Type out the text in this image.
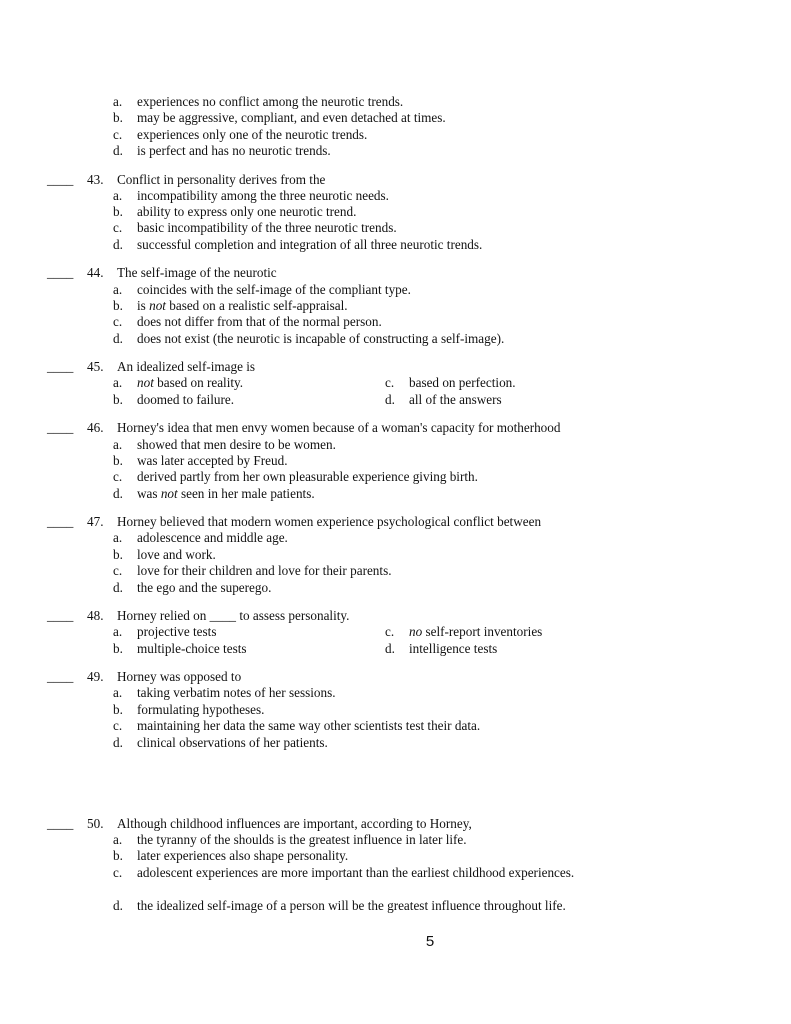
a. experiences no conflict among the neurotic trends.
b. may be aggressive, compliant, and even detached at times.
c. experiences only one of the neurotic trends.
d. is perfect and has no neurotic trends.
____ 43. Conflict in personality derives from the
a. incompatibility among the three neurotic needs.
b. ability to express only one neurotic trend.
c. basic incompatibility of the three neurotic trends.
d. successful completion and integration of all three neurotic trends.
____ 44. The self-image of the neurotic
a. coincides with the self-image of the compliant type.
b. is not based on a realistic self-appraisal.
c. does not differ from that of the normal person.
d. does not exist (the neurotic is incapable of constructing a self-image).
____ 45. An idealized self-image is
a. not based on reality.	c. based on perfection.
b. doomed to failure.	d. all of the answers
____ 46. Horney's idea that men envy women because of a woman's capacity for motherhood
a. showed that men desire to be women.
b. was later accepted by Freud.
c. derived partly from her own pleasurable experience giving birth.
d. was not seen in her male patients.
____ 47. Horney believed that modern women experience psychological conflict between
a. adolescence and middle age.
b. love and work.
c. love for their children and love for their parents.
d. the ego and the superego.
____ 48. Horney relied on ____ to assess personality.
a. projective tests	c. no self-report inventories
b. multiple-choice tests	d. intelligence tests
____ 49. Horney was opposed to
a. taking verbatim notes of her sessions.
b. formulating hypotheses.
c. maintaining her data the same way other scientists test their data.
d. clinical observations of her patients.
____ 50. Although childhood influences are important, according to Horney,
a. the tyranny of the shoulds is the greatest influence in later life.
b. later experiences also shape personality.
c. adolescent experiences are more important than the earliest childhood experiences.
d. the idealized self-image of a person will be the greatest influence throughout life.
5
